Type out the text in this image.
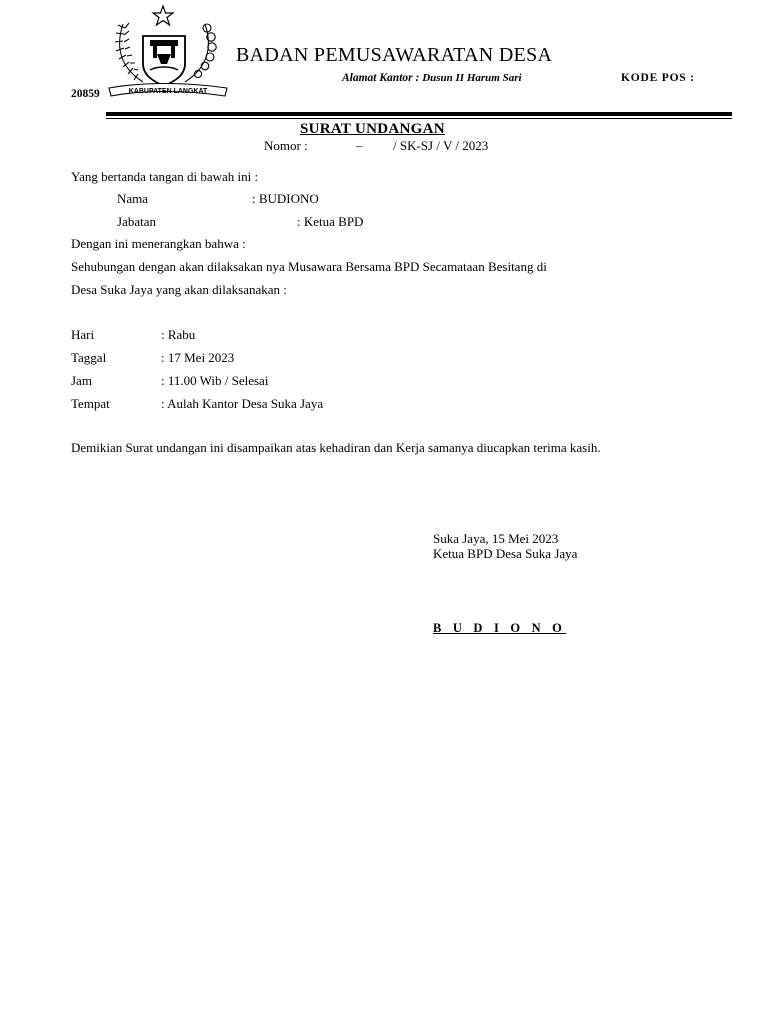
KABUPATEN LANGKAT
BADAN PEMUSAWARATAN DESA
Alamat Kantor : Dusun II Harum Sari	KODE POS :
20859
SURAT UNDANGAN
Nomor :	– / SK-SJ / V / 2023
Yang bertanda tangan di bawah ini :
Nama	: BUDIONO
Jabatan	: Ketua BPD
Dengan ini menerangkan bahwa :
Sehubungan dengan akan dilaksakan nya Musawara Bersama BPD Secamataan Besitang di
Desa Suka Jaya yang akan dilaksanakan :
Hari	: Rabu
Taggal	: 17 Mei 2023
Jam	: 11.00 Wib / Selesai
Tempat	: Aulah Kantor Desa Suka Jaya
Demikian Surat undangan ini disampaikan atas kehadiran dan Kerja samanya diucapkan terima kasih.
Suka Jaya, 15 Mei 2023
Ketua BPD Desa Suka Jaya
B U D I O N O
